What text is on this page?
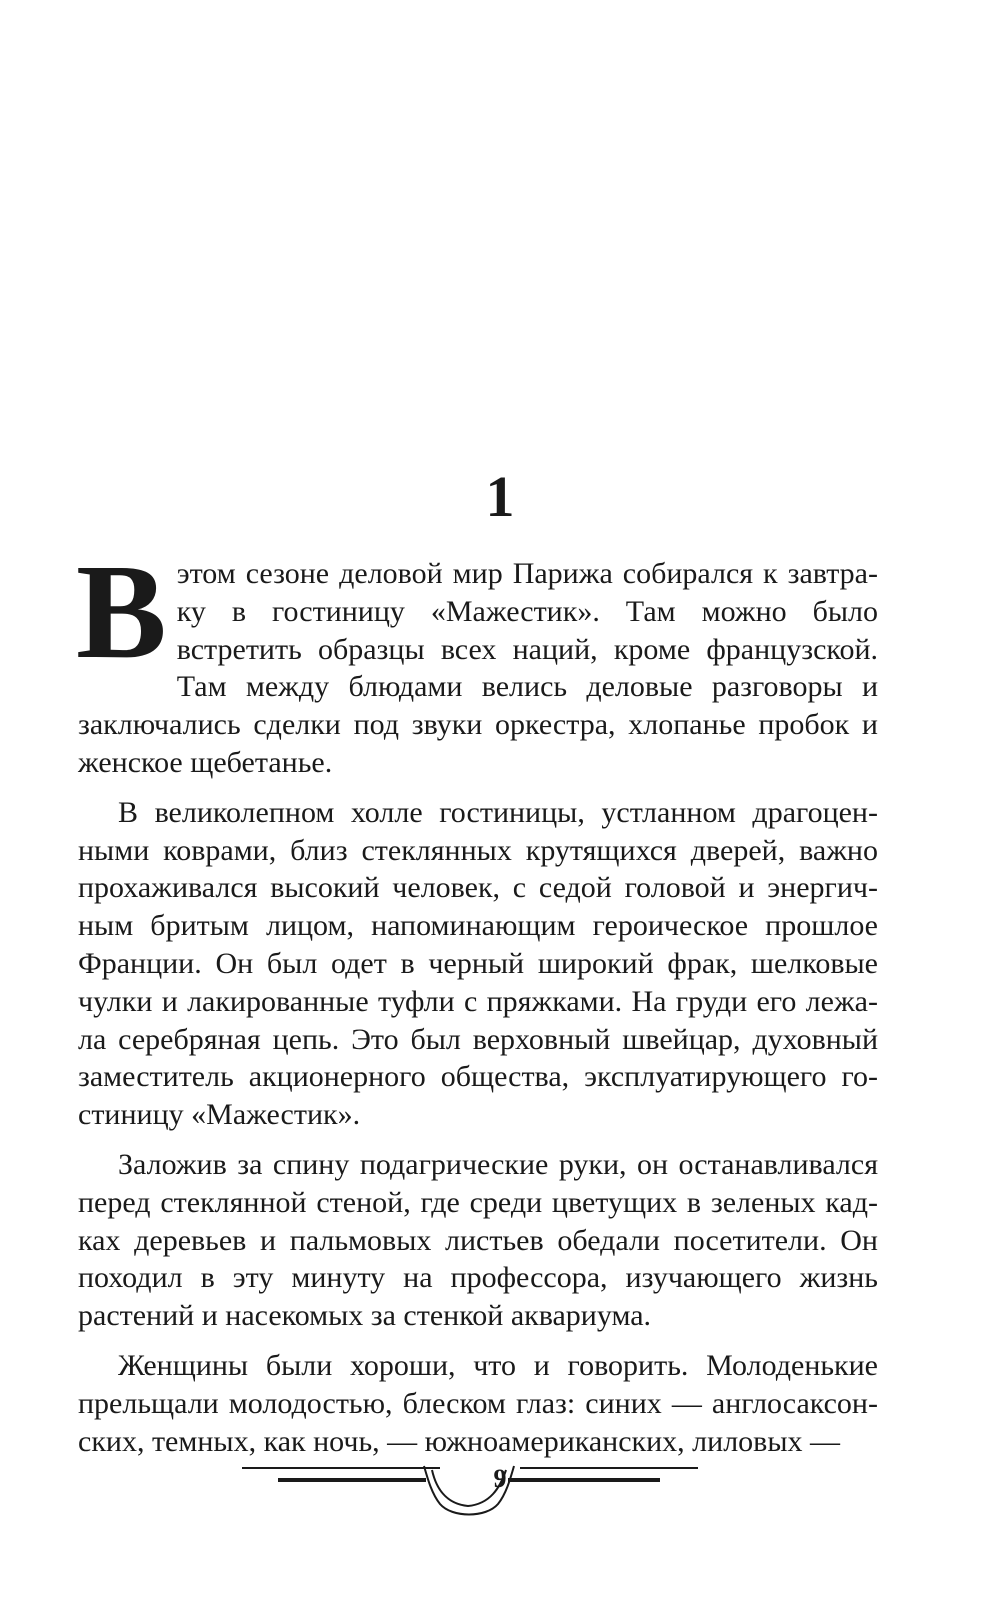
1

В этом сезоне деловой мир Парижа собирался к завтраку в гостиницу «Мажестик». Там можно было встретить образцы всех наций, кроме французской. Там между блюдами велись деловые разговоры и заключались сделки под звуки оркестра, хлопанье пробок и женское щебетанье.

В великолепном холле гостиницы, устланном драгоценными коврами, близ стеклянных крутящихся дверей, важно прохаживался высокий человек, с седой головой и энергичным бритым лицом, напоминающим героическое прошлое Франции. Он был одет в черный широкий фрак, шелковые чулки и лакированные туфли с пряжками. На груди его лежала серебряная цепь. Это был верховный швейцар, духовный заместитель акционерного общества, эксплуатирующего гостиницу «Мажестик».

Заложив за спину подагрические руки, он останавливался перед стеклянной стеной, где среди цветущих в зеленых кадках деревьев и пальмовых листьев обедали посетители. Он походил в эту минуту на профессора, изучающего жизнь растений и насекомых за стенкой аквариума.

Женщины были хороши, что и говорить. Молоденькие прельщали молодостью, блеском глаз: синих — англосаксонских, темных, как ночь, — южноамериканских, лиловых —

9
